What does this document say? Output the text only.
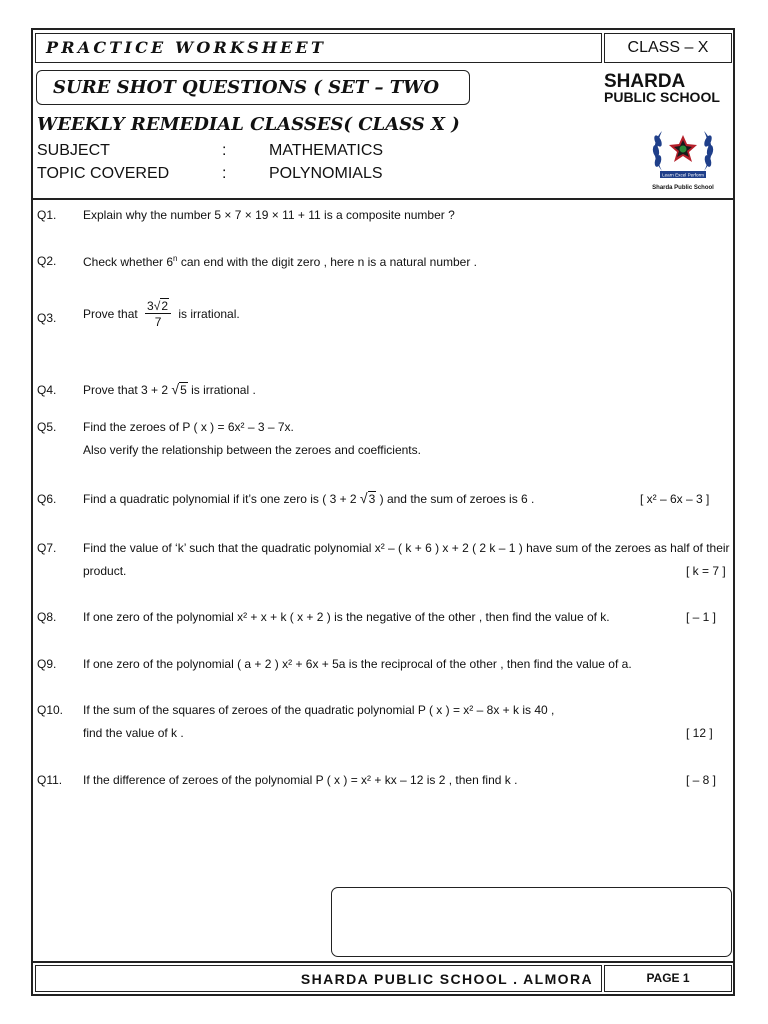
PRACTICE WORKSHEET	CLASS – X
SURE SHOT QUESTIONS ( SET – TWO	SHARDA
PUBLIC SCHOOL
WEEKLY REMEDIAL CLASSES( CLASS X )
SUBJECT	:	MATHEMATICS
TOPIC COVERED	:	POLYNOMIALS	Learn Excel Perform
Sharda Public School
Q1. Explain why the number 5 × 7 × 19 × 11 + 11 is a composite number ?
Q2. Check whether 6$^n$ can end with the digit zero , here n is a natural number .
Q3. Prove that $\frac{3√2}{7}$ is irrational.
Q4. Prove that 3 + 2 √5 is irrational .
Q5. Find the zeroes of P ( x ) = 6x² – 3 – 7x.
Also verify the relationship between the zeroes and coefficients.
Q6. Find a quadratic polynomial if it’s one zero is ( 3 + 2 √3 ) and the sum of zeroes is 6 .	[ x² – 6x – 3 ]
Q7. Find the value of ‘k’ such that the quadratic polynomial x² – ( k + 6 ) x + 2 ( 2 k – 1 ) have sum of the zeroes as half of their
product.	[ k = 7 ]
Q8. If one zero of the polynomial x² + x + k ( x + 2 ) is the negative of the other , then find the value of k.	[ – 1 ]
Q9. If one zero of the polynomial ( a + 2 ) x² + 6x + 5a is the reciprocal of the other , then find the value of a.
Q10. If the sum of the squares of zeroes of the quadratic polynomial P ( x ) = x² – 8x + k is 40 ,
find the value of k .	[ 12 ]
Q11. If the difference of zeroes of the polynomial P ( x ) = x² + kx – 12 is 2 , then find k .	[ – 8 ]
SHARDA PUBLIC SCHOOL . ALMORA	PAGE 1
